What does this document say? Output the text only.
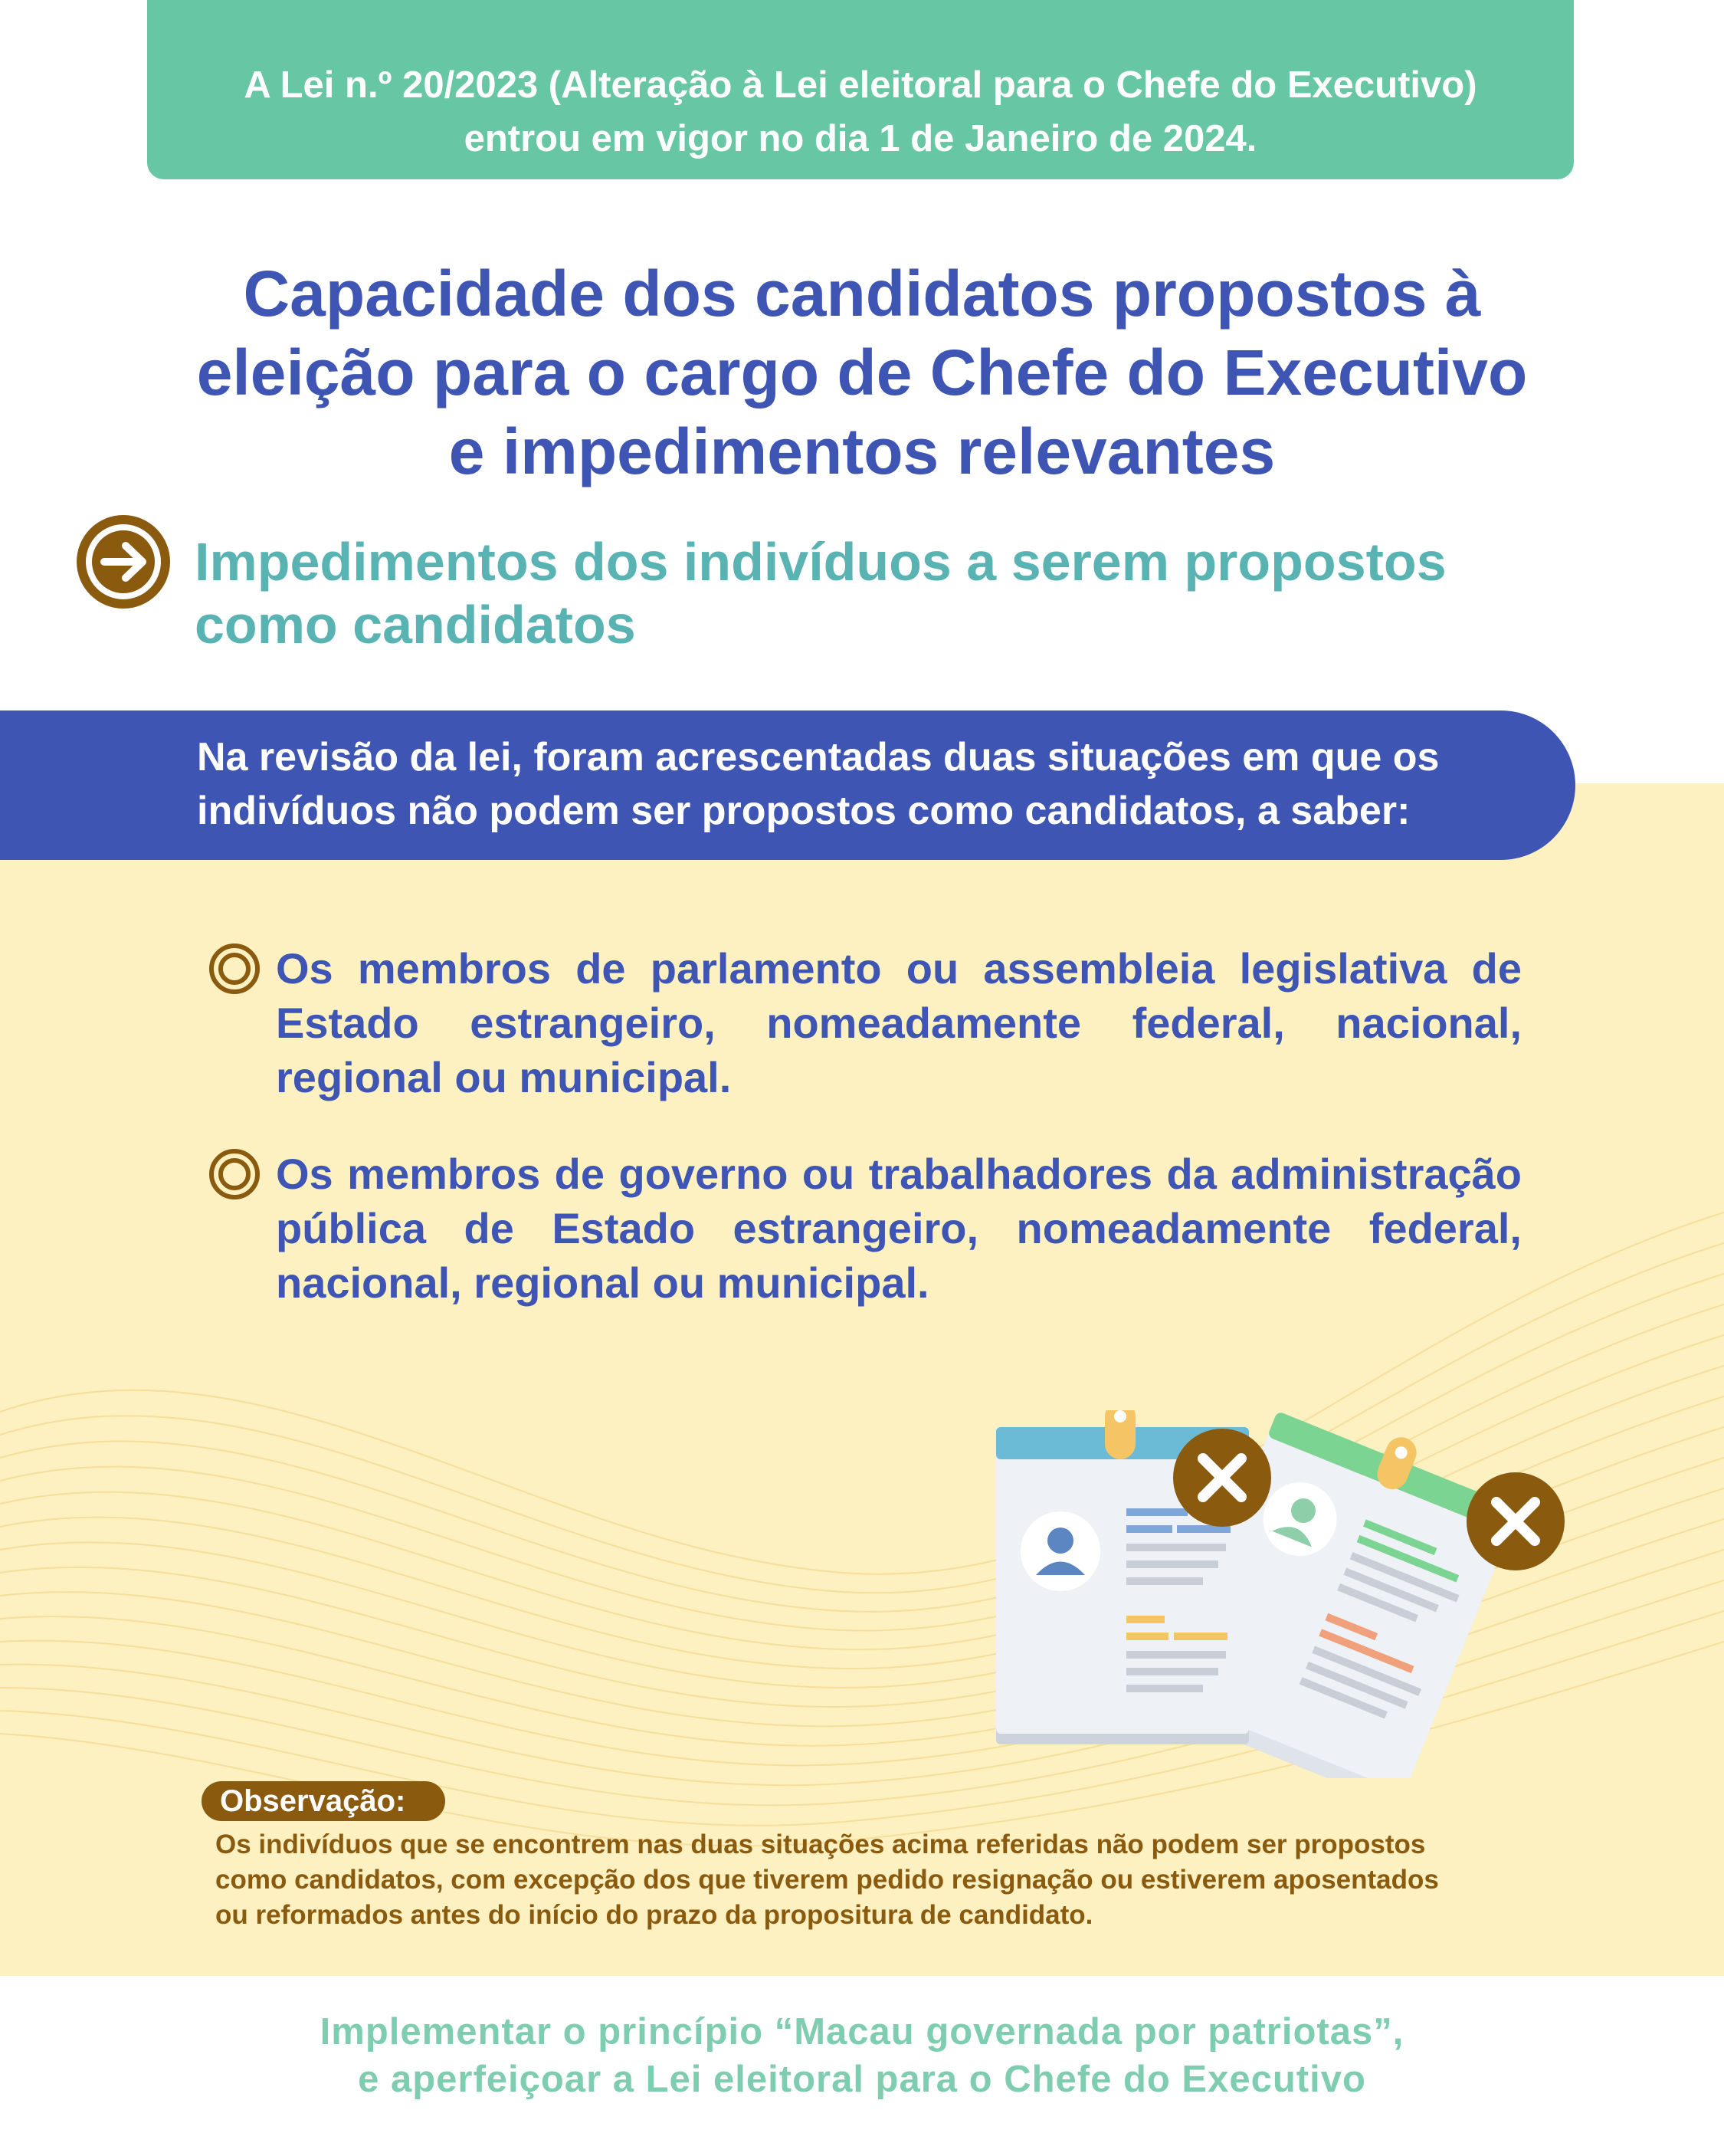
A Lei n.º 20/2023 (Alteração à Lei eleitoral para o Chefe do Executivo)
entrou em vigor no dia 1 de Janeiro de 2024.
Capacidade dos candidatos propostos à
eleição para o cargo de Chefe do Executivo
e impedimentos relevantes
Impedimentos dos indivíduos a serem propostos
como candidatos
Na revisão da lei, foram acrescentadas duas situações em que os
indivíduos não podem ser propostos como candidatos, a saber:
Os membros de parlamento ou assembleia legislativa de
Estado estrangeiro, nomeadamente federal, nacional,
regional ou municipal.
Os membros de governo ou trabalhadores da administração
pública de Estado estrangeiro, nomeadamente federal,
nacional, regional ou municipal.
Observação:
Os indivíduos que se encontrem nas duas situações acima referidas não podem ser propostos
como candidatos, com excepção dos que tiverem pedido resignação ou estiverem aposentados
ou reformados antes do início do prazo da propositura de candidato.
Implementar o princípio “Macau governada por patriotas”,
e aperfeiçoar a Lei eleitoral para o Chefe do Executivo
